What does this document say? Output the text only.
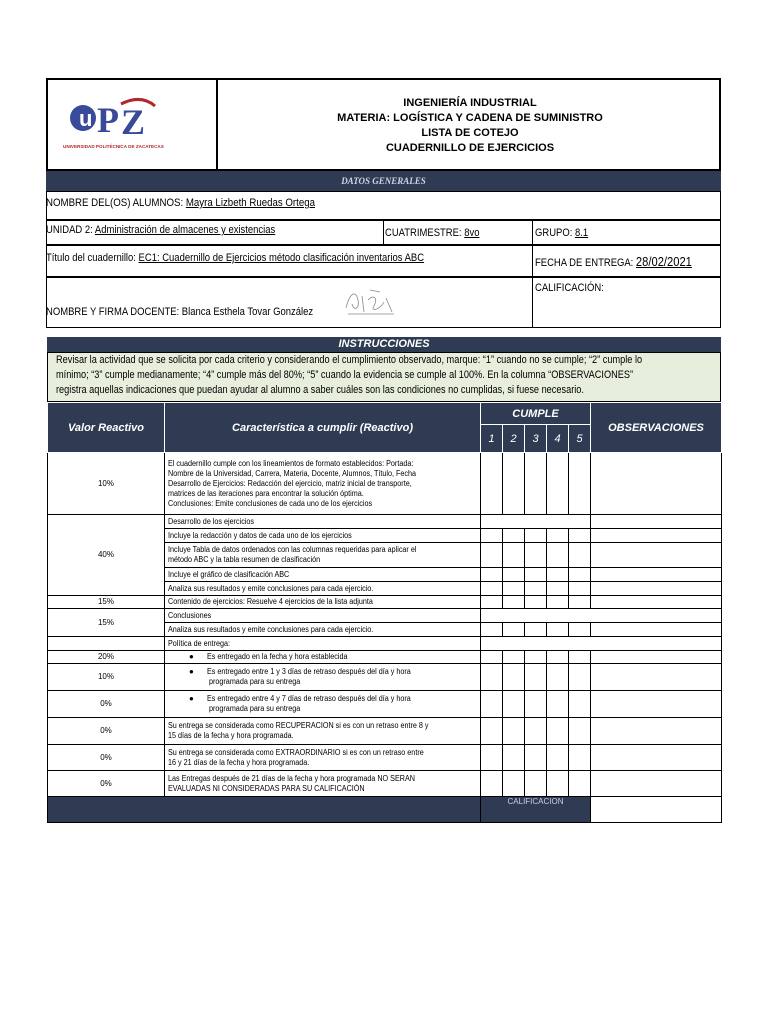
u P Z
UNIVERSIDAD POLITÉCNICA DE ZACATECAS
INGENIERÍA INDUSTRIAL
MATERIA: LOGÍSTICA Y CADENA DE SUMINISTRO
LISTA DE COTEJO
CUADERNILLO DE EJERCICIOS
DATOS GENERALES
NOMBRE DEL(OS) ALUMNOS: Mayra Lizbeth Ruedas Ortega
UNIDAD 2: Administración de almacenes y existencias	CUATRIMESTRE: 8vo	GRUPO: 8.1
Título del cuadernillo: EC1: Cuadernillo de Ejercicios método clasificación inventarios ABC	FECHA DE ENTREGA: 28/02/2021
CALIFICACIÓN:
NOMBRE Y FIRMA DOCENTE: Blanca Esthela Tovar González
INSTRUCCIONES
Revisar la actividad que se solicita por cada criterio y considerando el cumplimiento observado, marque: “1” cuando no se cumple; “2” cumple lo
mínimo; “3” cumple medianamente; “4” cumple más del 80%; “5” cuando la evidencia se cumple al 100%. En la columna “OBSERVACIONES”
registra aquellas indicaciones que puedan ayudar al alumno a saber cuáles son las condiciones no cumplidas, si fuese necesario.
Valor Reactivo	Característica a cumplir (Reactivo)	CUMPLE					OBSERVACIONES
		1	2	3	4	5	
10%	El cuadernillo cumple con los lineamientos de formato establecidos: Portada:
Nombre de la Universidad, Carrera, Materia, Docente, Alumnos, Título, Fecha
Desarrollo de Ejercicios: Redacción del ejercicio, matriz inicial de transporte,
matrices de las iteraciones para encontrar la solución óptima.
Conclusiones: Emite conclusiones de cada uno de los ejercicios						

40%	Desarrollo de los ejercicios						
	Incluye la redacción y datos de cada uno de los ejercicios						

	Incluye Tabla de datos ordenados con las columnas requeridas para aplicar el
método ABC y la tabla resumen de clasificación						

	Incluye el gráfico de clasificación ABC						
	Analiza sus resultados y emite conclusiones para cada ejercicio.						
15%	Contenido de ejercicios: Resuelve 4 ejercicios de la lista adjunta						
15%	Conclusiones						
	Analiza sus resultados y emite conclusiones para cada ejercicio.						
	Política de entrega:						
20%	● Es entregado en la fecha y hora establecida						
10%	● Es entregado entre 1 y 3 días de retraso después del día y hora
programada para su entrega						

0%	● Es entregado entre 4 y 7 días de retraso después del día y hora
programada para su entrega						

0%	Su entrega se considerada como RECUPERACION si es con un retraso entre 8 y
15 días de la fecha y hora programada.						

0%	Su entrega se considerada como EXTRAORDINARIO si es con un retraso entre
16 y 21 días de la fecha y hora programada.						

0%	Las Entregas después de 21 días de la fecha y hora programada NO SERAN
EVALUADAS NI CONSIDERADAS PARA SU CALIFICACIÓN						

		CALIFICACION					
